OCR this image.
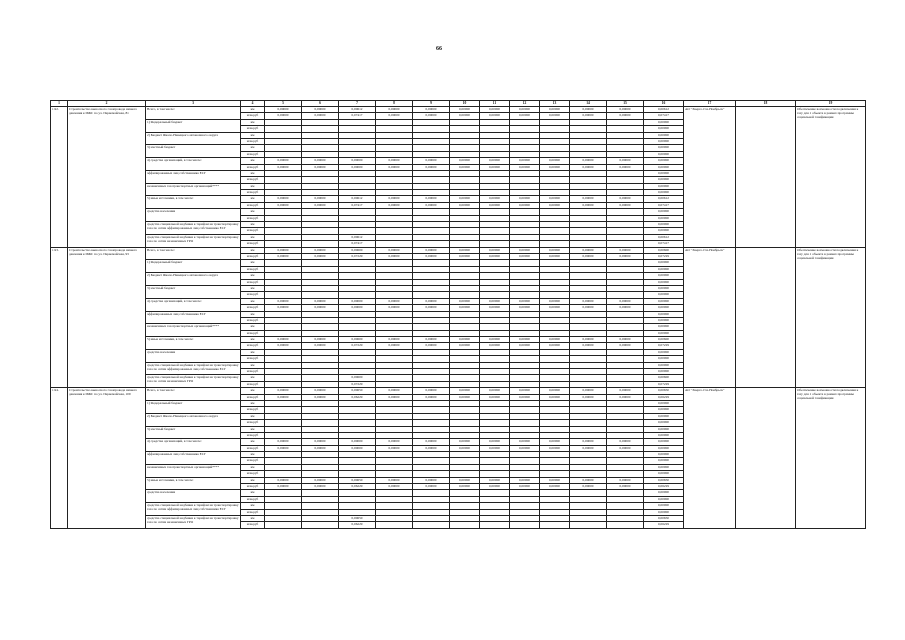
66
1	2	3	4	5	6	7	8	9	10	11	12	13	14	15	16	17	18	19
1.92.	Строительство выносного газопровода низкого давления к ИЖС по ул. Первомайская, 81	Всего, в том числе:	км	0,00000	0,00000	0,00612	0,00000	0,00000	0,00000	0,00000	0,00000	0,00000	0,00000	0,00000	0,00612	АО "Энерго-Газ-Ноябрьск"		Обеспечение возможности подключения к газу для 1 объекта в рамках программы социальной газификации
			млн.руб	0,00000	0,00000	0,07417	0,00000	0,00000	0,00000	0,00000	0,00000	0,00000	0,00000	0,00000	0,07417			
		1) Федеральный бюджет	км												0,00000			
			млн.руб												0,00000			
		2) Бюджет Ямало-Ненецкого автономного округа	км												0,00000			
			млн.руб												0,00000			
		3) местный бюджет	км												0,00000			
			млн.руб												0,00000			
		4) средства организаций, в том числе:	км	0,00000	0,00000	0,00000	0,00000	0,00000	0,00000	0,00000	0,00000	0,00000	0,00000	0,00000	0,00000			
			млн.руб	0,00000	0,00000	0,00000	0,00000	0,00000	0,00000	0,00000	0,00000	0,00000	0,00000	0,00000	0,00000			
		аффилированных лиц собственника ЕСГ	км												0,00000			
			млн.руб												0,00000			
		независимых газотранспортных организаций****	км												0,00000			
			млн.руб												0,00000			
		5) иные источники, в том числе:	км	0,00000	0,00000	0,00612	0,00000	0,00000	0,00000	0,00000	0,00000	0,00000	0,00000	0,00000	0,00612			
			млн.руб	0,00000	0,00000	0,07417	0,00000	0,00000	0,00000	0,00000	0,00000	0,00000	0,00000	0,00000	0,07417			
		средства населения	км												0,00000			
			млн.руб												0,00000			
		средства специальной надбавки к тарифам на транспортировку газа по сетям аффилированных лиц собственника ЕСГ	км												0,00000			
			млн.руб												0,00000			
		средства специальной надбавки к тарифам на транспортировку газа по сетям независимых ГРО	км			0,00612									0,00612			
			млн.руб			0,07417									0,07417			
1.93.	Строительство выносного газопровода низкого давления к ИЖС по ул. Первомайская, 93	Всего, в том числе:	км	0,00000	0,00000	0,00600	0,00000	0,00000	0,00000	0,00000	0,00000	0,00000	0,00000	0,00000	0,00600	АО "Энерго-Газ-Ноябрьск"		Обеспечение возможности подключения к газу для 1 объекта в рамках программы социальной газификации
			млн.руб	0,00000	0,00000	0,07229	0,00000	0,00000	0,00000	0,00000	0,00000	0,00000	0,00000	0,00000	0,07229			
		1) Федеральный бюджет	км												0,00000			
			млн.руб												0,00000			
		2) Бюджет Ямало-Ненецкого автономного округа	км												0,00000			
			млн.руб												0,00000			
		3) местный бюджет	км												0,00000			
			млн.руб												0,00000			
		4) средства организаций, в том числе:	км	0,00000	0,00000	0,00000	0,00000	0,00000	0,00000	0,00000	0,00000	0,00000	0,00000	0,00000	0,00000			
			млн.руб	0,00000	0,00000	0,00000	0,00000	0,00000	0,00000	0,00000	0,00000	0,00000	0,00000	0,00000	0,00000			
		аффилированных лиц собственника ЕСГ	км												0,00000			
			млн.руб												0,00000			
		независимых газотранспортных организаций****	км												0,00000			
			млн.руб												0,00000			
		5) иные источники, в том числе:	км	0,00000	0,00000	0,00600	0,00000	0,00000	0,00000	0,00000	0,00000	0,00000	0,00000	0,00000	0,00600			
			млн.руб	0,00000	0,00000	0,07229	0,00000	0,00000	0,00000	0,00000	0,00000	0,00000	0,00000	0,00000	0,07229			
		средства населения	км												0,00000			
			млн.руб												0,00000			
		средства специальной надбавки к тарифам на транспортировку газа по сетям аффилированных лиц собственника ЕСГ	км												0,00000			
			млн.руб												0,00000			
		средства специальной надбавки к тарифам на транспортировку газа по сетям независимых ГРО	км			0,00600									0,00600			
			млн.руб			0,07229									0,07229			
1.94.	Строительство выносного газопровода низкого давления к ИЖС по ул. Первомайская, 109	Всего, в том числе:	км	0,00000	0,00000	0,00650	0,00000	0,00000	0,00000	0,00000	0,00000	0,00000	0,00000	0,00000	0,00650	АО "Энерго-Газ-Ноябрьск"		Обеспечение возможности подключения к газу для 1 объекта в рамках программы социальной газификации
			млн.руб	0,00000	0,00000	0,06229	0,00000	0,00000	0,00000	0,00000	0,00000	0,00000	0,00000	0,00000	0,06229			
		1) Федеральный бюджет	км												0,00000			
			млн.руб												0,00000			
		2) Бюджет Ямало-Ненецкого автономного округа	км												0,00000			
			млн.руб												0,00000			
		3) местный бюджет	км												0,00000			
			млн.руб												0,00000			
		4) средства организаций, в том числе:	км	0,00000	0,00000	0,00000	0,00000	0,00000	0,00000	0,00000	0,00000	0,00000	0,00000	0,00000	0,00000			
			млн.руб	0,00000	0,00000	0,00000	0,00000	0,00000	0,00000	0,00000	0,00000	0,00000	0,00000	0,00000	0,00000			
		аффилированных лиц собственника ЕСГ	км												0,00000			
			млн.руб												0,00000			
		независимых газотранспортных организаций****	км												0,00000			
			млн.руб												0,00000			
		5) иные источники, в том числе:	км	0,00000	0,00000	0,00650	0,00000	0,00000	0,00000	0,00000	0,00000	0,00000	0,00000	0,00000	0,00650			
			млн.руб	0,00000	0,00000	0,06229	0,00000	0,00000	0,00000	0,00000	0,00000	0,00000	0,00000	0,00000	0,06229			
		средства населения	км												0,00000			
			млн.руб												0,00000			
		средства специальной надбавки к тарифам на транспортировку газа по сетям аффилированных лиц собственника ЕСГ	км												0,00000			
			млн.руб												0,00000			
		средства специальной надбавки к тарифам на транспортировку газа по сетям независимых ГРО	км			0,00650									0,00650			
			млн.руб			0,06229									0,06229			
